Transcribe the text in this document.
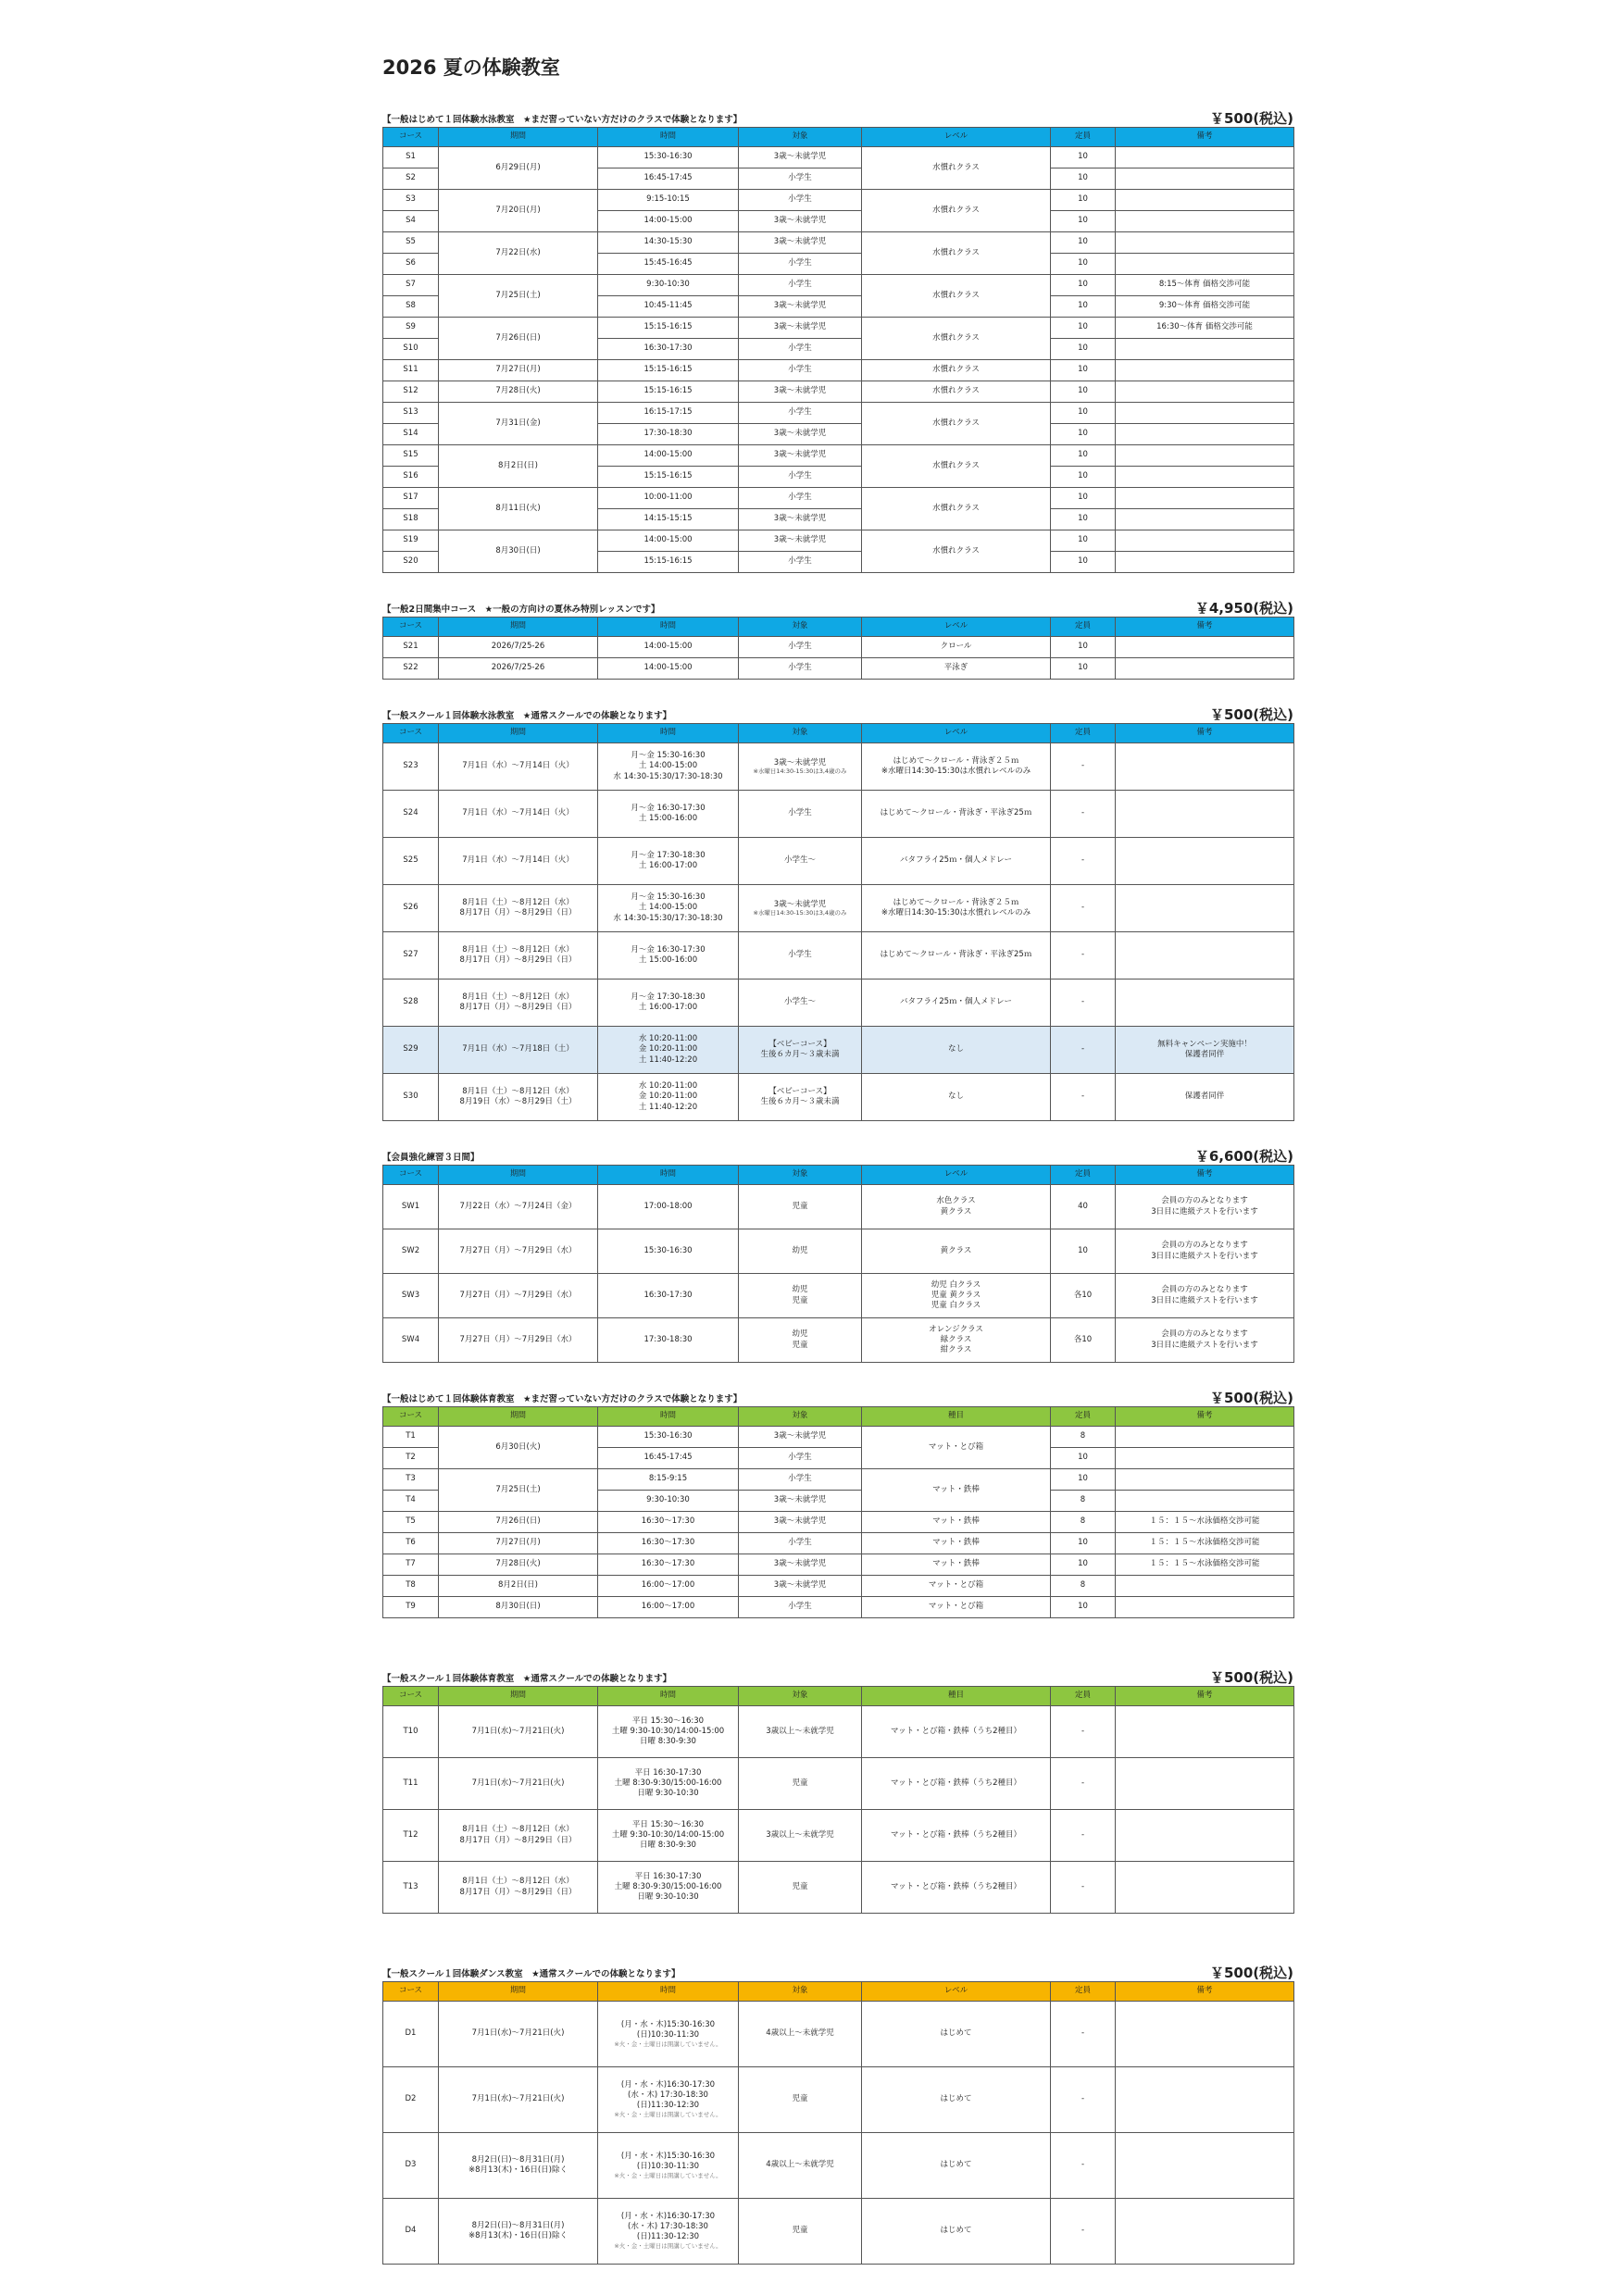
2026 夏の体験教室
【一般はじめて１回体験水泳教室　★まだ習っていない方だけのクラスで体験となります】	￥500(税込)
コース	期間	時間	対象	レベル	定員	備考
S1	6月29日(月)	15:30-16:30	3歳～未就学児	水慣れクラス	10	
S2		16:45-17:45	小学生		10	
S3	7月20日(月)	9:15-10:15	小学生	水慣れクラス	10	
S4		14:00-15:00	3歳～未就学児		10	
S5	7月22日(水)	14:30-15:30	3歳～未就学児	水慣れクラス	10	
S6		15:45-16:45	小学生		10	
S7	7月25日(土)	9:30-10:30	小学生	水慣れクラス	10	8:15～体育 価格交渉可能
S8		10:45-11:45	3歳～未就学児		10	9:30～体育 価格交渉可能
S9	7月26日(日)	15:15-16:15	3歳～未就学児	水慣れクラス	10	16:30～体育 価格交渉可能
S10		16:30-17:30	小学生		10	
S11	7月27日(月)	15:15-16:15	小学生	水慣れクラス	10	
S12	7月28日(火)	15:15-16:15	3歳～未就学児	水慣れクラス	10	
S13	7月31日(金)	16:15-17:15	小学生	水慣れクラス	10	
S14		17:30-18:30	3歳～未就学児		10	
S15	8月2日(日)	14:00-15:00	3歳～未就学児	水慣れクラス	10	
S16		15:15-16:15	小学生		10	
S17	8月11日(火)	10:00-11:00	小学生	水慣れクラス	10	
S18		14:15-15:15	3歳～未就学児		10	
S19	8月30日(日)	14:00-15:00	3歳～未就学児	水慣れクラス	10	
S20		15:15-16:15	小学生		10	
【一般2日間集中コース　★一般の方向けの夏休み特別レッスンです】	￥4,950(税込)
コース	期間	時間	対象	レベル	定員	備考
S21	2026/7/25-26	14:00-15:00	小学生	クロール	10	
S22	2026/7/25-26	14:00-15:00	小学生	平泳ぎ	10	
【一般スクール１回体験水泳教室　★通常スクールでの体験となります】	￥500(税込)
コース	期間	時間	対象	レベル	定員	備考
S23	7月1日（水）～7月14日（火）	月～金 15:30-16:30
土 14:00-15:00
水 14:30-15:30/17:30-18:30	3歳～未就学児
※水曜日14:30-15:30は3,4歳のみ	はじめて～クロール・背泳ぎ２５ｍ
※水曜日14:30-15:30は水慣れレベルのみ	-	
S24	7月1日（水）～7月14日（火）	月～金 16:30-17:30
土 15:00-16:00	小学生	はじめて～クロール・背泳ぎ・平泳ぎ25ｍ	-	
S25	7月1日（水）～7月14日（火）	月～金 17:30-18:30
土 16:00-17:00	小学生～	バタフライ25ｍ・個人メドレー	-	
S26	8月1日（土）～8月12日（水）
8月17日（月）～8月29日（日）	月～金 15:30-16:30
土 14:00-15:00
水 14:30-15:30/17:30-18:30	3歳～未就学児
※水曜日14:30-15:30は3,4歳のみ	はじめて～クロール・背泳ぎ２５ｍ
※水曜日14:30-15:30は水慣れレベルのみ	-	
S27	8月1日（土）～8月12日（水）
8月17日（月）～8月29日（日）	月～金 16:30-17:30
土 15:00-16:00	小学生	はじめて～クロール・背泳ぎ・平泳ぎ25ｍ	-	
S28	8月1日（土）～8月12日（水）
8月17日（月）～8月29日（日）	月～金 17:30-18:30
土 16:00-17:00	小学生～	バタフライ25ｍ・個人メドレー	-	
S29	7月1日（水）～7月18日（土）	水 10:20-11:00
金 10:20-11:00
土 11:40-12:20	【ベビーコース】
生後６カ月～３歳未満	なし	-	無料キャンペーン実施中！
保護者同伴

S30	8月1日（土）～8月12日（水）
8月19日（水）～8月29日（土）	水 10:20-11:00
金 10:20-11:00
土 11:40-12:20	【ベビーコース】
生後６カ月～３歳未満	なし	-	保護者同伴
【会員強化練習３日間】	￥6,600(税込)
コース	期間	時間	対象	レベル	定員	備考
SW1	7月22日（水）～7月24日（金）	17:00-18:00	児童	水色クラス
黄クラス	40	会員の方のみとなります
3日目に進級テストを行います

SW2	7月27日（月）～7月29日（水）	15:30-16:30	幼児	黄クラス	10	会員の方のみとなります
3日目に進級テストを行います

SW3	7月27日（月）～7月29日（水）	16:30-17:30	幼児
児童	幼児 白クラス
児童 黄クラス
児童 白クラス	各10	会員の方のみとなります
3日目に進級テストを行います

SW4	7月27日（月）～7月29日（水）	17:30-18:30	幼児
児童	オレンジクラス
緑クラス
紺クラス	各10	会員の方のみとなります
3日目に進級テストを行います
【一般はじめて１回体験体育教室　★まだ習っていない方だけのクラスで体験となります】	￥500(税込)
コース	期間	時間	対象	種目	定員	備考
T1	6月30日(火)	15:30-16:30	3歳～未就学児	マット・とび箱	8	
T2		16:45-17:45	小学生		10	
T3	7月25日(土)	8:15-9:15	小学生	マット・鉄棒	10	
T4		9:30-10:30	3歳～未就学児		8	
T5	7月26日(日)	16:30～17:30	3歳～未就学児	マット・鉄棒	8	１５：１５～水泳価格交渉可能
T6	7月27日(月)	16:30～17:30	小学生	マット・鉄棒	10	１５：１５～水泳価格交渉可能
T7	7月28日(火)	16:30～17:30	3歳～未就学児	マット・鉄棒	10	１５：１５～水泳価格交渉可能
T8	8月2日(日)	16:00～17:00	3歳～未就学児	マット・とび箱	8	
T9	8月30日(日)	16:00～17:00	小学生	マット・とび箱	10	
【一般スクール１回体験体育教室　★通常スクールでの体験となります】	￥500(税込)
コース	期間	時間	対象	種目	定員	備考
T10	7月1日(水)～7月21日(火)	平日 15:30～16:30
土曜 9:30-10:30/14:00-15:00
日曜 8:30-9:30	3歳以上～未就学児	マット・とび箱・鉄棒（うち2種目）	-	
T11	7月1日(水)～7月21日(火)	平日 16:30-17:30
土曜 8:30-9:30/15:00-16:00
日曜 9:30-10:30	児童	マット・とび箱・鉄棒（うち2種目）	-	
T12	8月1日（土）～8月12日（水）
8月17日（月）～8月29日（日）	平日 15:30～16:30
土曜 9:30-10:30/14:00-15:00
日曜 8:30-9:30	3歳以上～未就学児	マット・とび箱・鉄棒（うち2種目）	-	
T13	8月1日（土）～8月12日（水）
8月17日（月）～8月29日（日）	平日 16:30-17:30
土曜 8:30-9:30/15:00-16:00
日曜 9:30-10:30	児童	マット・とび箱・鉄棒（うち2種目）	-	
【一般スクール１回体験ダンス教室　★通常スクールでの体験となります】	￥500(税込)
コース	期間	時間	対象	レベル	定員	備考
D1	7月1日(水)～7月21日(火)	(月・水・木)15:30-16:30
(日)10:30-11:30
※火・金・土曜日は開講していません。	4歳以上～未就学児	はじめて	-	
D2	7月1日(水)～7月21日(火)	(月・水・木)16:30-17:30
(水・木) 17:30-18:30
(日)11:30-12:30
※火・金・土曜日は開講していません。	児童	はじめて	-	
D3	8月2日(日)～8月31日(月)
※8月13(木)・16日(日)除く	(月・水・木)15:30-16:30
(日)10:30-11:30
※火・金・土曜日は開講していません。	4歳以上～未就学児	はじめて	-	
D4	8月2日(日)～8月31日(月)
※8月13(木)・16日(日)除く	(月・水・木)16:30-17:30
(水・木) 17:30-18:30
(日)11:30-12:30
※火・金・土曜日は開講していません。	児童	はじめて	-	
